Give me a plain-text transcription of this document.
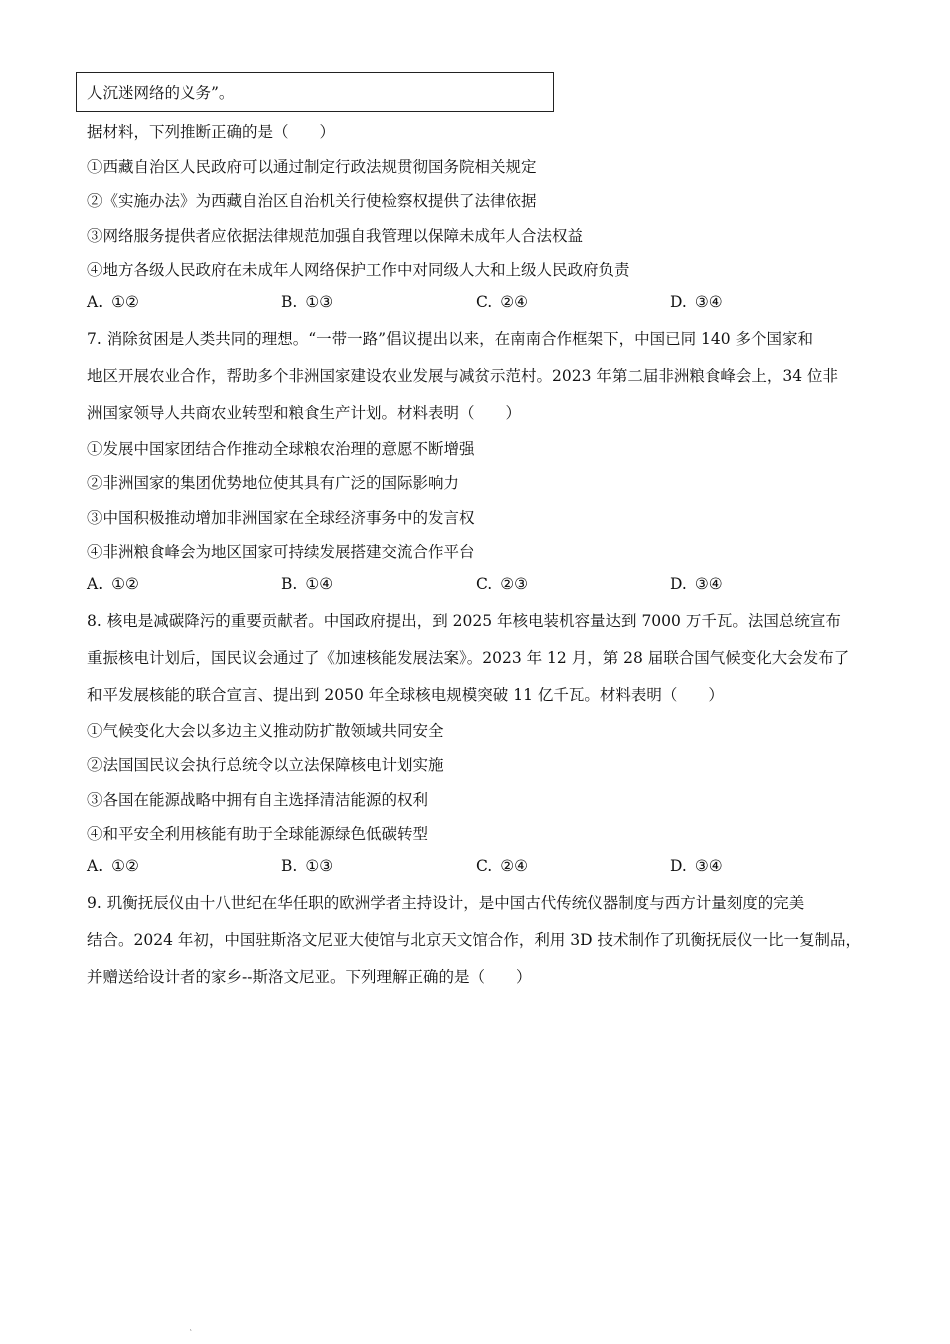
人沉迷网络的义务”。
据材料，下列推断正确的是（　　）
①西藏自治区人民政府可以通过制定行政法规贯彻国务院相关规定
②《实施办法》为西藏自治区自治机关行使检察权提供了法律依据
③网络服务提供者应依据法律规范加强自我管理以保障未成年人合法权益
④地方各级人民政府在未成年人网络保护工作中对同级人大和上级人民政府负责
A. ①②	B. ①③	C. ②④	D. ③④
7. 消除贫困是人类共同的理想。“一带一路”倡议提出以来，在南南合作框架下，中国已同 140 多个国家和
地区开展农业合作，帮助多个非洲国家建设农业发展与减贫示范村。2023 年第二届非洲粮食峰会上，34 位非
洲国家领导人共商农业转型和粮食生产计划。材料表明（　　）
①发展中国家团结合作推动全球粮农治理的意愿不断增强
②非洲国家的集团优势地位使其具有广泛的国际影响力
③中国积极推动增加非洲国家在全球经济事务中的发言权
④非洲粮食峰会为地区国家可持续发展搭建交流合作平台
A. ①②	B. ①④	C. ②③	D. ③④
8. 核电是减碳降污的重要贡献者。中国政府提出，到 2025 年核电装机容量达到 7000 万千瓦。法国总统宣布
重振核电计划后，国民议会通过了《加速核能发展法案》。2023 年 12 月，第 28 届联合国气候变化大会发布了
和平发展核能的联合宣言、提出到 2050 年全球核电规模突破 11 亿千瓦。材料表明（　　）
①气候变化大会以多边主义推动防扩散领域共同安全
②法国国民议会执行总统令以立法保障核电计划实施
③各国在能源战略中拥有自主选择清洁能源的权利
④和平安全利用核能有助于全球能源绿色低碳转型
A. ①②	B. ①③	C. ②④	D. ③④
9. 玑衡抚辰仪由十八世纪在华任职的欧洲学者主持设计，是中国古代传统仪器制度与西方计量刻度的完美
结合。2024 年初，中国驻斯洛文尼亚大使馆与北京天文馆合作，利用 3D 技术制作了玑衡抚辰仪一比一复制品，
并赠送给设计者的家乡--斯洛文尼亚。下列理解正确的是（　　）
˛
